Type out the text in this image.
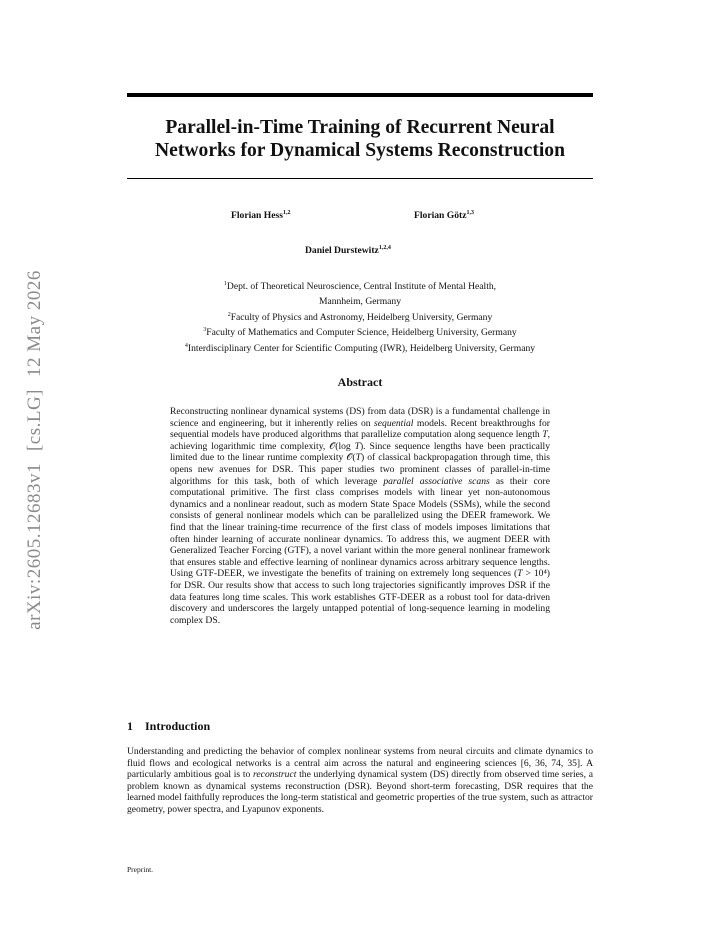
arXiv:2605.12683v1[cs.LG]12 May 2026
Parallel-in-Time Training of Recurrent Neural
Networks for Dynamical Systems Reconstruction
Florian Hess$^{1,2}$	Florian Götz$^{1,3}$
Daniel Durstewitz$^{1,2,4}$
$^1$Dept. of Theoretical Neuroscience, Central Institute of Mental Health,
Mannheim, Germany
$^2$Faculty of Physics and Astronomy, Heidelberg University, Germany
$^3$Faculty of Mathematics and Computer Science, Heidelberg University, Germany
$^4$Interdisciplinary Center for Scientific Computing (IWR), Heidelberg University, Germany
Abstract
Reconstructing nonlinear dynamical systems (DS) from data (DSR) is a fundamental challenge in science and engineering, but it inherently relies on sequential models. Recent breakthroughs for sequential models have produced algorithms that parallelize computation along sequence length T, achieving logarithmic time complexity, 𝒪(log T). Since sequence lengths have been practically limited due to the linear runtime complexity 𝒪(T) of classical backpropagation through time, this opens new avenues for DSR. This paper studies two prominent classes of parallel-in-time algorithms for this task, both of which leverage parallel associative scans as their core computational primitive. The first class comprises models with linear yet non-autonomous dynamics and a nonlinear readout, such as modern State Space Models (SSMs), while the second consists of general nonlinear models which can be parallelized using the DEER framework. We find that the linear training-time recurrence of the first class of models imposes limitations that often hinder learning of accurate nonlinear dynamics. To address this, we augment DEER with Generalized Teacher Forcing (GTF), a novel variant within the more general nonlinear framework that ensures stable and effective learning of nonlinear dynamics across arbitrary sequence lengths. Using GTF-DEER, we investigate the benefits of training on extremely long sequences (T > 10⁴) for DSR. Our results show that access to such long trajectories significantly improves DSR if the data features long time scales. This work establishes GTF-DEER as a robust tool for data-driven discovery and underscores the largely untapped potential of long-sequence learning in modeling complex DS.
1 Introduction
Understanding and predicting the behavior of complex nonlinear systems from neural circuits and climate dynamics to fluid flows and ecological networks is a central aim across the natural and engineering sciences [6, 36, 74, 35]. A particularly ambitious goal is to reconstruct the underlying dynamical system (DS) directly from observed time series, a problem known as dynamical systems reconstruction (DSR). Beyond short-term forecasting, DSR requires that the learned model faithfully reproduces the long-term statistical and geometric properties of the true system, such as attractor geometry, power spectra, and Lyapunov exponents.
Preprint.
